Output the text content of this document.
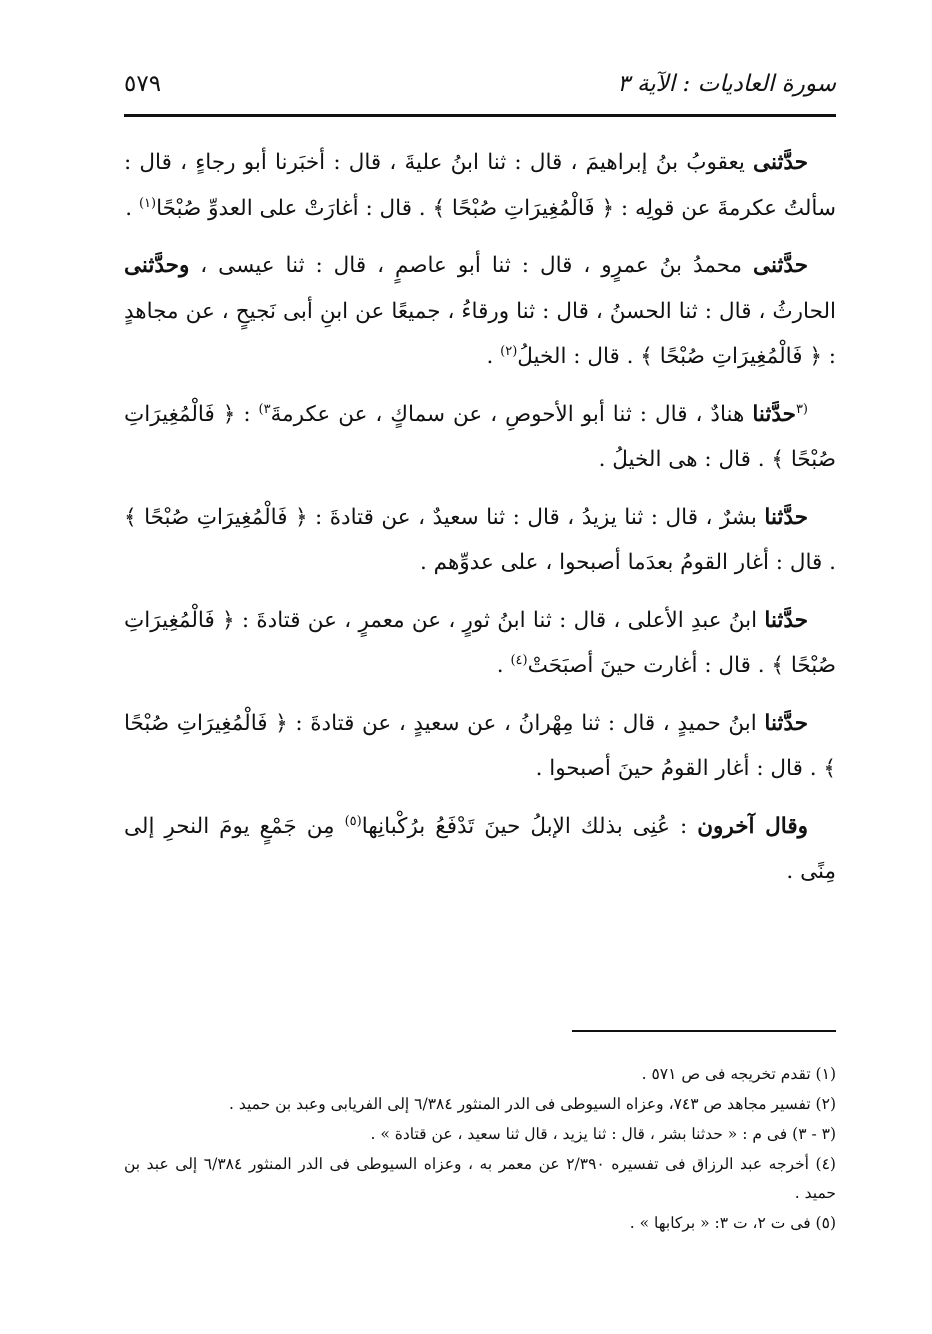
سورة العاديات : الآية ٣
٥٧٩

حدَّثنى يعقوبُ بنُ إبراهيمَ ، قال : ثنا ابنُ عليةَ ، قال : أخبَرنا أبو رجاءٍ ، قال : سألتُ عكرمةَ عن قولِه : ﴿ فَالْمُغِيرَاتِ صُبْحًا ﴾ . قال : أغارَتْ على العدوِّ صُبْحًا$^{(١)}$ .

حدَّثنى محمدُ بنُ عمرٍو ، قال : ثنا أبو عاصمٍ ، قال : ثنا عيسى ، وحدَّثنى الحارثُ ، قال : ثنا الحسنُ ، قال : ثنا ورقاءُ ، جميعًا عن ابنِ أبى نَجيحٍ ، عن مجاهدٍ : ﴿ فَالْمُغِيرَاتِ صُبْحًا ﴾ . قال : الخيلُ$^{(٢)}$ .

$^{(٣}$حدَّثنا هنادٌ ، قال : ثنا أبو الأحوصِ ، عن سماكٍ ، عن عكرمةَ$^{٣)}$ : ﴿ فَالْمُغِيرَاتِ صُبْحًا ﴾ . قال : هى الخيلُ .

حدَّثنا بشرٌ ، قال : ثنا يزيدُ ، قال : ثنا سعيدٌ ، عن قتادةَ : ﴿ فَالْمُغِيرَاتِ صُبْحًا ﴾ . قال : أغار القومُ بعدَما أصبحوا ، على عدوِّهم .

حدَّثنا ابنُ عبدِ الأعلى ، قال : ثنا ابنُ ثورٍ ، عن معمرٍ ، عن قتادةَ : ﴿ فَالْمُغِيرَاتِ صُبْحًا ﴾ . قال : أغارت حينَ أصبَحَتْ$^{(٤)}$ .

حدَّثنا ابنُ حميدٍ ، قال : ثنا مِهْرانُ ، عن سعيدٍ ، عن قتادةَ : ﴿ فَالْمُغِيرَاتِ صُبْحًا ﴾ . قال : أغار القومُ حينَ أصبحوا .

وقال آخرون : عُنِى بذلك الإبلُ حينَ تَدْفَعُ برُكْبانِها$^{(٥)}$ مِن جَمْعٍ يومَ النحرِ إلى مِنًى .

(١) تقدم تخريجه فى ص ٥٧١ .

(٢) تفسير مجاهد ص ٧٤٣، وعزاه السيوطى فى الدر المنثور ٦/٣٨٤ إلى الفريابى وعبد بن حميد .

(٣ - ٣) فى م : « حدثنا بشر ، قال : ثنا يزيد ، قال ثنا سعيد ، عن قتادة » .

(٤) أخرجه عبد الرزاق فى تفسيره ٢/٣٩٠ عن معمر به ، وعزاه السيوطى فى الدر المنثور ٦/٣٨٤ إلى عبد بن حميد .

(٥) فى ت ٢، ت ٣: « بركابها » .
